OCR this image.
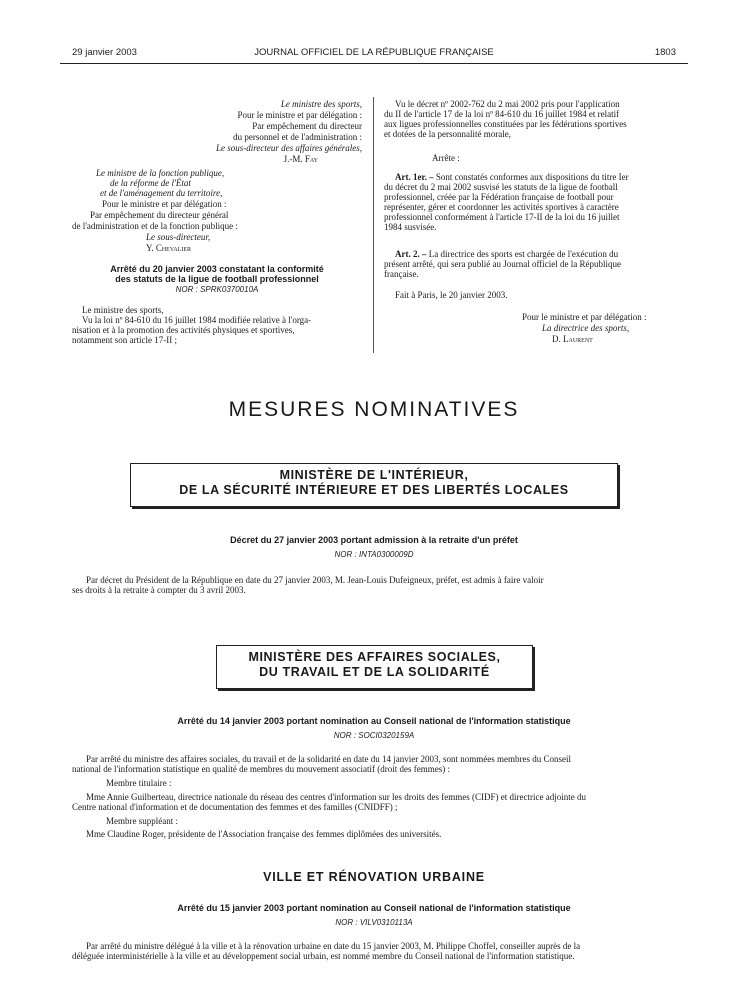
29 janvier 2003	JOURNAL OFFICIEL DE LA RÉPUBLIQUE FRANÇAISE	1803
Le ministre des sports,
Pour le ministre et par délégation :
Par empêchement du directeur
du personnel et de l'administration :
Le sous-directeur des affaires générales,
J.-M. Fay
Le ministre de la fonction publique,
de la réforme de l'État
et de l'aménagement du territoire,
Pour le ministre et par délégation :
Par empêchement du directeur général
de l'administration et de la fonction publique :
Le sous-directeur,
Y. Chevalier
Arrêté du 20 janvier 2003 constatant la conformité
des statuts de la ligue de football professionnel
NOR : SPRK0370010A
Le ministre des sports,
Vu la loi nº 84-610 du 16 juillet 1984 modifiée relative à l'orga-
nisation et à la promotion des activités physiques et sportives,
notamment son article 17-II ;
Vu le décret nº 2002-762 du 2 mai 2002 pris pour l'application
du II de l'article 17 de la loi nº 84-610 du 16 juillet 1984 et relatif
aux ligues professionnelles constituées par les fédérations sportives
et dotées de la personnalité morale,
Arrête :
Art. 1er. – Sont constatés conformes aux dispositions du titre Ier
du décret du 2 mai 2002 susvisé les statuts de la ligue de football
professionnel, créée par la Fédération française de football pour
représenter, gérer et coordonner les activités sportives à caractère
professionnel conformément à l'article 17-II de la loi du 16 juillet
1984 susvisée.
Art. 2. – La directrice des sports est chargée de l'exécution du
présent arrêté, qui sera publié au Journal officiel de la République
française.
Fait à Paris, le 20 janvier 2003.
Pour le ministre et par délégation :
La directrice des sports,
D. Laurent
MESURES NOMINATIVES
MINISTÈRE DE L'INTÉRIEUR,
DE LA SÉCURITÉ INTÉRIEURE ET DES LIBERTÉS LOCALES
Décret du 27 janvier 2003 portant admission à la retraite d'un préfet
NOR : INTA0300009D
Par décret du Président de la République en date du 27 janvier 2003, M. Jean-Louis Dufeigneux, préfet, est admis à faire valoir
ses droits à la retraite à compter du 3 avril 2003.
MINISTÈRE DES AFFAIRES SOCIALES,
DU TRAVAIL ET DE LA SOLIDARITÉ
Arrêté du 14 janvier 2003 portant nomination au Conseil national de l'information statistique
NOR : SOCI0320159A
Par arrêté du ministre des affaires sociales, du travail et de la solidarité en date du 14 janvier 2003, sont nommées membres du Conseil
national de l'information statistique en qualité de membres du mouvement associatif (droit des femmes) :
Membre titulaire :
Mme Annie Guilberteau, directrice nationale du réseau des centres d'information sur les droits des femmes (CIDF) et directrice adjointe du
Centre national d'information et de documentation des femmes et des familles (CNIDFF) ;
Membre suppléant :
Mme Claudine Roger, présidente de l'Association française des femmes diplômées des universités.
VILLE ET RÉNOVATION URBAINE
Arrêté du 15 janvier 2003 portant nomination au Conseil national de l'information statistique
NOR : VILV0310113A
Par arrêté du ministre délégué à la ville et à la rénovation urbaine en date du 15 janvier 2003, M. Philippe Choffel, conseiller auprès de la
déléguée interministérielle à la ville et au développement social urbain, est nommé membre du Conseil national de l'information statistique.
